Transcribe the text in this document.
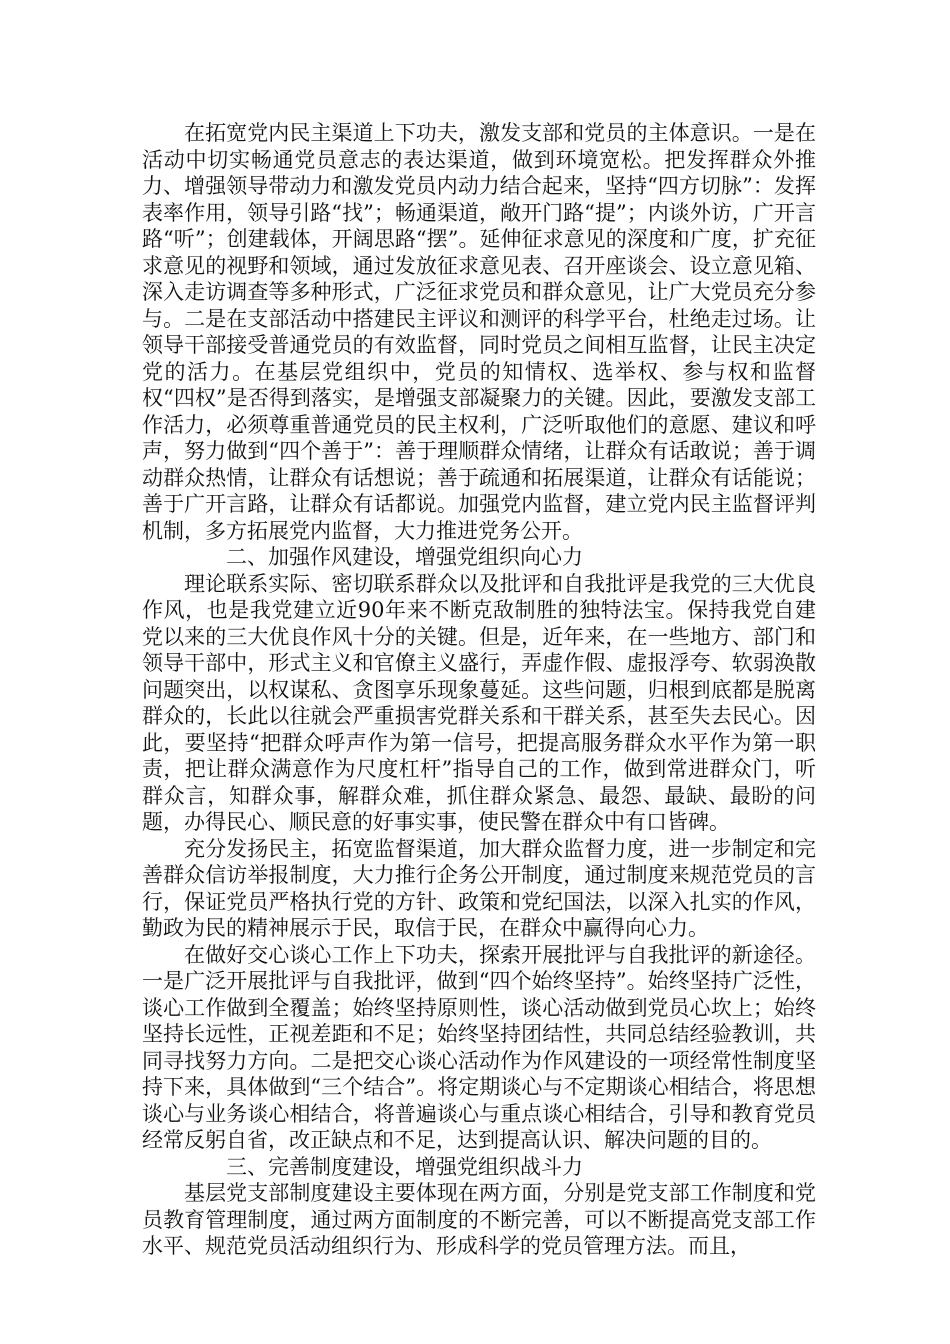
在拓宽党内民主渠道上下功夫，激发支部和党员的主体意识。一是在活动中切实畅通党员意志的表达渠道，做到环境宽松。把发挥群众外推力、增强领导带动力和激发党员内动力结合起来，坚持“四方切脉”：发挥表率作用，领导引路“找”；畅通渠道，敞开门路“提”；内谈外访，广开言路“听”；创建载体，开阔思路“摆”。延伸征求意见的深度和广度，扩充征求意见的视野和领域，通过发放征求意见表、召开座谈会、设立意见箱、深入走访调查等多种形式，广泛征求党员和群众意见，让广大党员充分参与。二是在支部活动中搭建民主评议和测评的科学平台，杜绝走过场。让领导干部接受普通党员的有效监督，同时党员之间相互监督，让民主决定党的活力。在基层党组织中，党员的知情权、选举权、参与权和监督权“四权”是否得到落实，是增强支部凝聚力的关键。因此，要激发支部工作活力，必须尊重普通党员的民主权利，广泛听取他们的意愿、建议和呼声，努力做到“四个善于”：善于理顺群众情绪，让群众有话敢说；善于调动群众热情，让群众有话想说；善于疏通和拓展渠道，让群众有话能说；善于广开言路，让群众有话都说。加强党内监督，建立党内民主监督评判机制，多方拓展党内监督，大力推进党务公开。

二、加强作风建设，增强党组织向心力

理论联系实际、密切联系群众以及批评和自我批评是我党的三大优良作风，也是我党建立近90年来不断克敌制胜的独特法宝。保持我党自建党以来的三大优良作风十分的关键。但是，近年来，在一些地方、部门和领导干部中，形式主义和官僚主义盛行，弄虚作假、虚报浮夸、软弱涣散问题突出，以权谋私、贪图享乐现象蔓延。这些问题，归根到底都是脱离群众的，长此以往就会严重损害党群关系和干群关系，甚至失去民心。因此，要坚持“把群众呼声作为第一信号，把提高服务群众水平作为第一职责，把让群众满意作为尺度杠杆”指导自己的工作，做到常进群众门，听群众言，知群众事，解群众难，抓住群众紧急、最怨、最缺、最盼的问题，办得民心、顺民意的好事实事，使民警在群众中有口皆碑。

充分发扬民主，拓宽监督渠道，加大群众监督力度，进一步制定和完善群众信访举报制度，大力推行企务公开制度，通过制度来规范党员的言行，保证党员严格执行党的方针、政策和党纪国法，以深入扎实的作风，勤政为民的精神展示于民，取信于民，在群众中赢得向心力。

在做好交心谈心工作上下功夫，探索开展批评与自我批评的新途径。一是广泛开展批评与自我批评，做到“四个始终坚持”。始终坚持广泛性，谈心工作做到全覆盖；始终坚持原则性，谈心活动做到党员心坎上；始终坚持长远性，正视差距和不足；始终坚持团结性，共同总结经验教训，共同寻找努力方向。二是把交心谈心活动作为作风建设的一项经常性制度坚持下来，具体做到“三个结合”。将定期谈心与不定期谈心相结合，将思想谈心与业务谈心相结合，将普遍谈心与重点谈心相结合，引导和教育党员经常反躬自省，改正缺点和不足，达到提高认识、解决问题的目的。

三、完善制度建设，增强党组织战斗力

基层党支部制度建设主要体现在两方面，分别是党支部工作制度和党员教育管理制度，通过两方面制度的不断完善，可以不断提高党支部工作水平、规范党员活动组织行为、形成科学的党员管理方法。而且，
